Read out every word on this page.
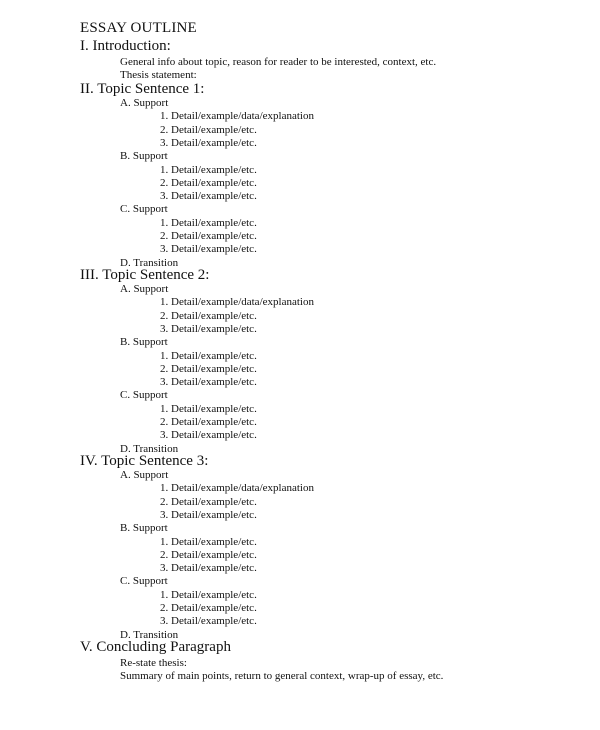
ESSAY OUTLINE
I. Introduction:
General info about topic, reason for reader to be interested, context, etc.
Thesis statement:
II. Topic Sentence 1:
A. Support
1. Detail/example/data/explanation
2. Detail/example/etc.
3. Detail/example/etc.
B. Support
1. Detail/example/etc.
2. Detail/example/etc.
3. Detail/example/etc.
C. Support
1. Detail/example/etc.
2. Detail/example/etc.
3. Detail/example/etc.
D. Transition
III. Topic Sentence 2:
A. Support
1. Detail/example/data/explanation
2. Detail/example/etc.
3. Detail/example/etc.
B. Support
1. Detail/example/etc.
2. Detail/example/etc.
3. Detail/example/etc.
C. Support
1. Detail/example/etc.
2. Detail/example/etc.
3. Detail/example/etc.
D. Transition
IV. Topic Sentence 3:
A. Support
1. Detail/example/data/explanation
2. Detail/example/etc.
3. Detail/example/etc.
B. Support
1. Detail/example/etc.
2. Detail/example/etc.
3. Detail/example/etc.
C. Support
1. Detail/example/etc.
2. Detail/example/etc.
3. Detail/example/etc.
D. Transition
V. Concluding Paragraph
Re-state thesis:
Summary of main points, return to general context, wrap-up of essay, etc.
